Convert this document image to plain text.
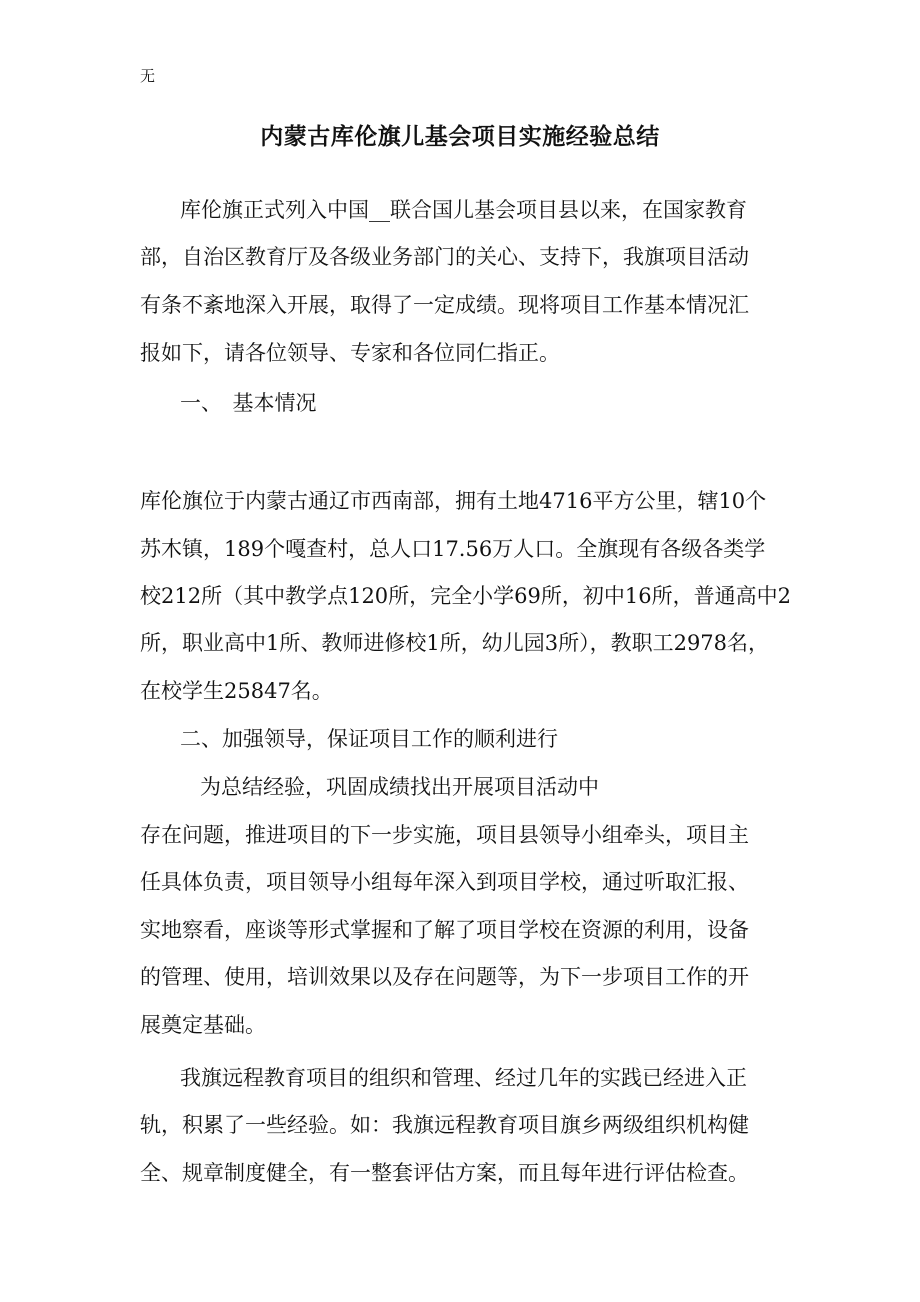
无
内蒙古库伦旗儿基会项目实施经验总结
库伦旗正式列入中国__联合国儿基会项目县以来，在国家教育
部，自治区教育厅及各级业务部门的关心、支持下，我旗项目活动
有条不紊地深入开展，取得了一定成绩。现将项目工作基本情况汇
报如下，请各位领导、专家和各位同仁指正。
一、　基本情况
库伦旗位于内蒙古通辽市西南部，拥有土地4716平方公里，辖10个
苏木镇，189个嘎查村，总人口17.56万人口。全旗现有各级各类学
校212所（其中教学点120所，完全小学69所，初中16所，普通高中2
所，职业高中1所、教师进修校1所，幼儿园3所），教职工2978名，
在校学生25847名。
二、加强领导，保证项目工作的顺利进行
为总结经验，巩固成绩找出开展项目活动中
存在问题，推进项目的下一步实施，项目县领导小组牵头，项目主
任具体负责，项目领导小组每年深入到项目学校，通过听取汇报、
实地察看，座谈等形式掌握和了解了项目学校在资源的利用，设备
的管理、使用，培训效果以及存在问题等，为下一步项目工作的开
展奠定基础。
我旗远程教育项目的组织和管理、经过几年的实践已经进入正
轨，积累了一些经验。如：我旗远程教育项目旗乡两级组织机构健
全、规章制度健全，有一整套评估方案，而且每年进行评估检查。
